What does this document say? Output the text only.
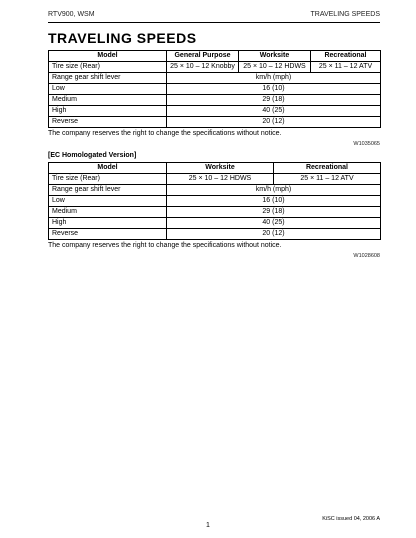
RTV900, WSM	TRAVELING SPEEDS
TRAVELING SPEEDS
Model	General Purpose	Worksite	Recreational
Tire size (Rear)	25 × 10 – 12 Knobby	25 × 10 – 12 HDWS	25 × 11 – 12 ATV
Range gear shift lever	km/h (mph)		
Low	16 (10)		
Medium	29 (18)		
High	40 (25)		
Reverse	20 (12)		
The company reserves the right to change the specifications without notice.
W1035065
[EC Homologated Version]
Model	Worksite	Recreational
Tire size (Rear)	25 × 10 – 12 HDWS	25 × 11 – 12 ATV
Range gear shift lever	km/h (mph)	
Low	16 (10)	
Medium	29 (18)	
High	40 (25)	
Reverse	20 (12)	
The company reserves the right to change the specifications without notice.
W1028608
KiSC issued 04, 2006 A
1
